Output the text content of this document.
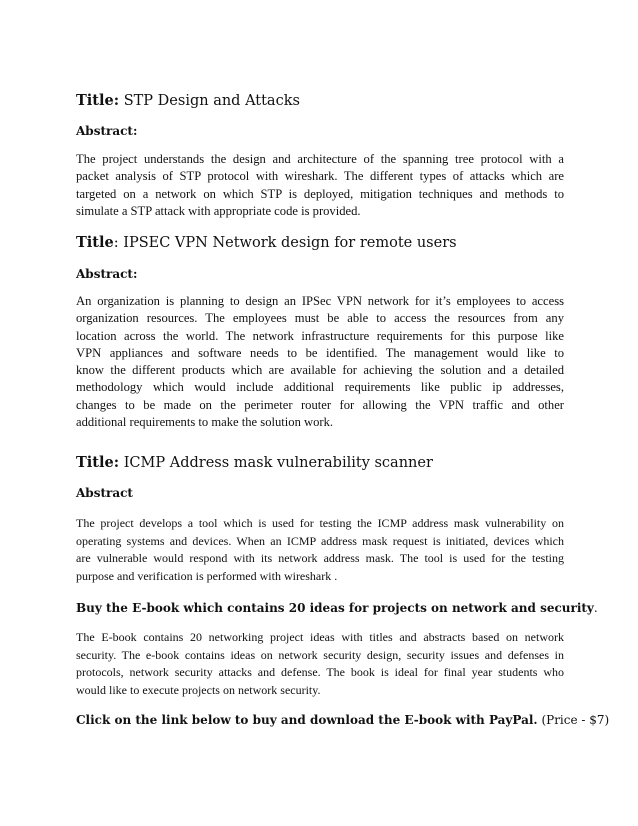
Title: STP Design and Attacks
Abstract:
The project understands the design and architecture of the spanning tree protocol with a
packet analysis of STP protocol with wireshark. The different types of attacks which are
targeted on a network on which STP is deployed, mitigation techniques and methods to
simulate a STP attack with appropriate code is provided.
Title: IPSEC VPN Network design for remote users
Abstract:
An organization is planning to design an IPSec VPN network for it’s employees to access
organization resources. The employees must be able to access the resources from any
location across the world. The network infrastructure requirements for this purpose like
VPN appliances and software needs to be identified. The management would like to
know the different products which are available for achieving the solution and a detailed
methodology which would include additional requirements like public ip addresses,
changes to be made on the perimeter router for allowing the VPN traffic and other
additional requirements to make the solution work.
Title: ICMP Address mask vulnerability scanner
Abstract
The project develops a tool which is used for testing the ICMP address mask vulnerability on
operating systems and devices. When an ICMP address mask request is initiated, devices which
are vulnerable would respond with its network address mask. The tool is used for the testing
purpose and verification is performed with wireshark .
Buy the E-book which contains 20 ideas for projects on network and security.
The E-book contains 20 networking project ideas with titles and abstracts based on network
security. The e-book contains ideas on network security design, security issues and defenses in
protocols, network security attacks and defense. The book is ideal for final year students who
would like to execute projects on network security.
Click on the link below to buy and download the E-book with PayPal. (Price - $7)
